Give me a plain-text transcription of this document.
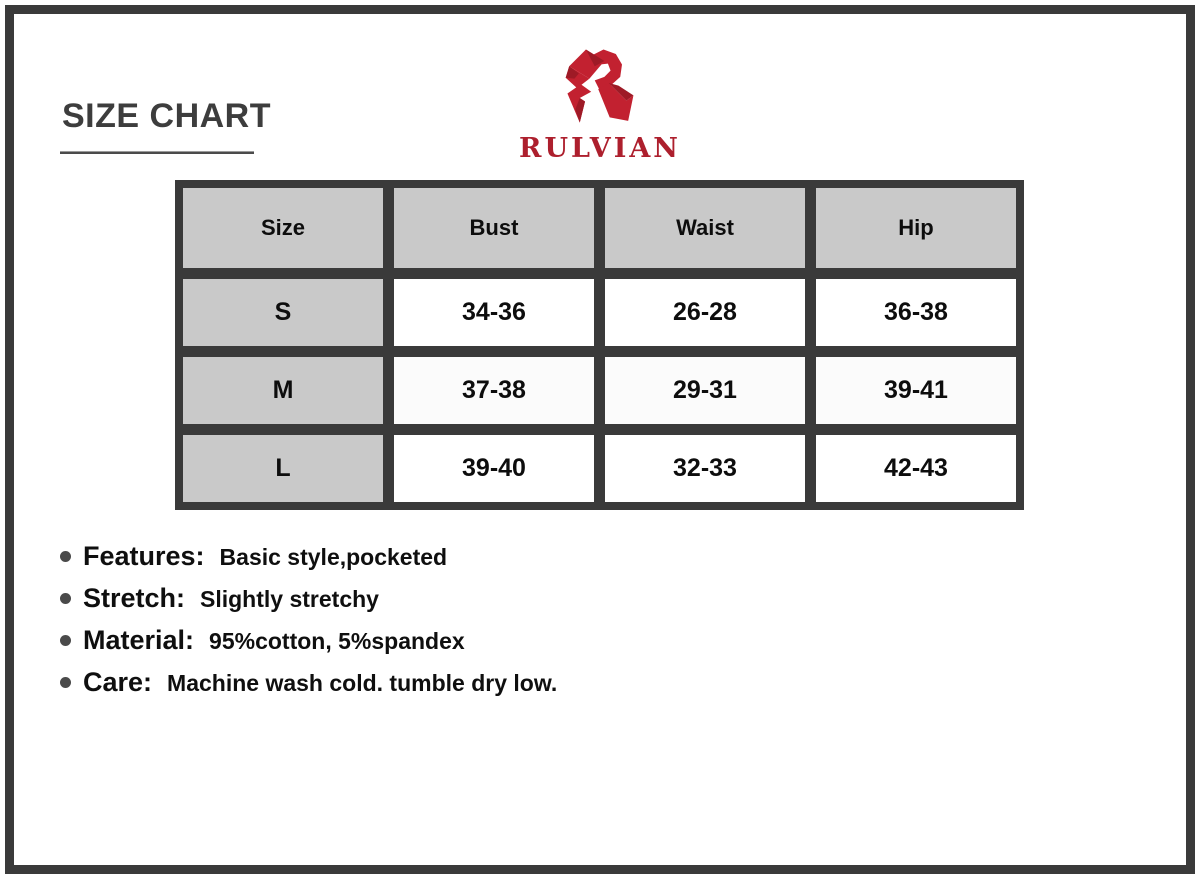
SIZE CHART
RULVIAN
Size	Bust	Waist	Hip
S	34-36	26-28	36-38
M	37-38	29-31	39-41
L	39-40	32-33	42-43
Features: Basic style,pocketed
Stretch: Slightly stretchy
Material: 95%cotton, 5%spandex
Care: Machine wash cold. tumble dry low.
